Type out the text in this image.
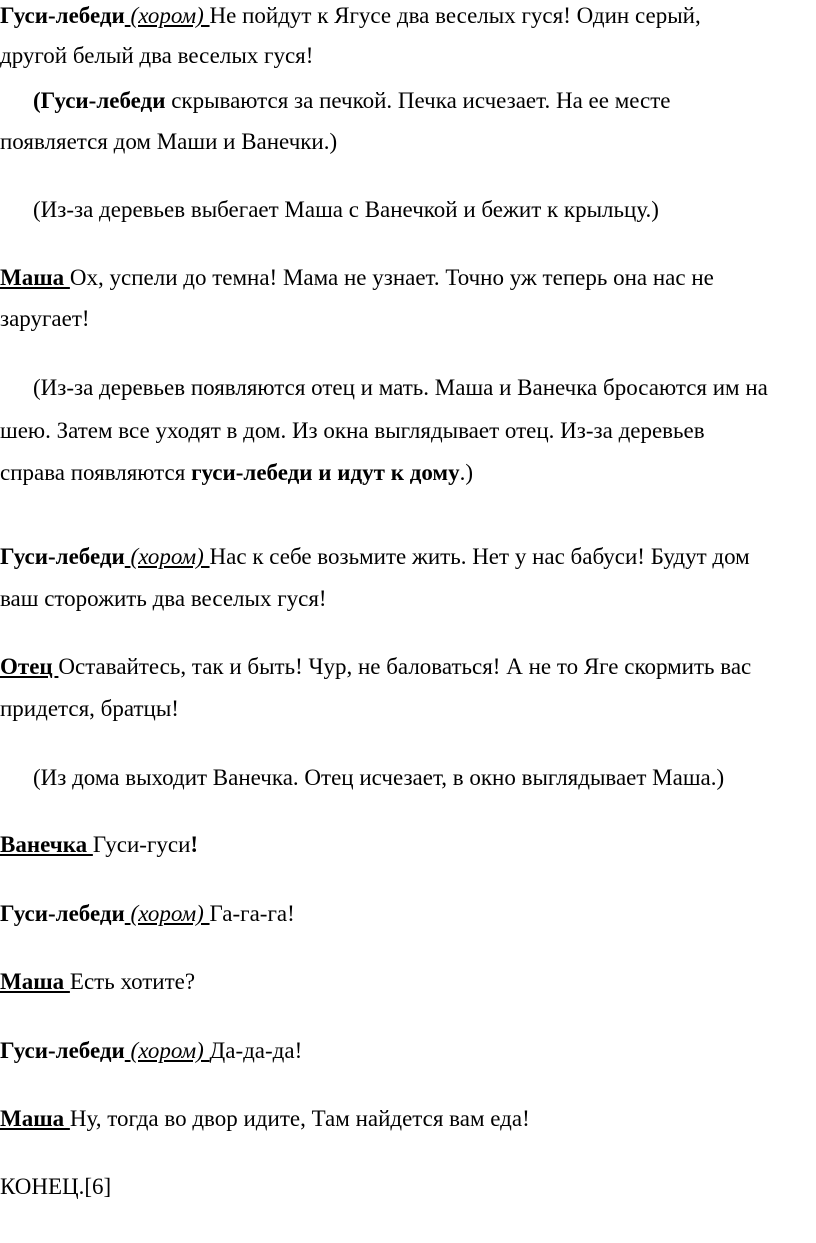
Гуси-лебеди (хором) Не пойдут к Ягусе два веселых гуся! Один серый,
другой белый два веселых гуся!
(Гуси-лебеди скрываются за печкой. Печка исчезает. На ее месте
появляется дом Маши и Ванечки.)
(Из-за деревьев выбегает Маша с Ванечкой и бежит к крыльцу.)
Маша Ох, успели до темна! Мама не узнает. Точно уж теперь она нас не
заругает!
(Из-за деревьев появляются отец и мать. Маша и Ванечка бросаются им на
шею. Затем все уходят в дом. Из окна выглядывает отец. Из-за деревьев
справа появляются гуси-лебеди и идут к дому.)
Гуси-лебеди (хором) Нас к себе возьмите жить. Нет у нас бабуси! Будут дом
ваш сторожить два веселых гуся!
Отец Оставайтесь, так и быть! Чур, не баловаться! А не то Яге скормить вас
придется, братцы!
(Из дома выходит Ванечка. Отец исчезает, в окно выглядывает Маша.)
Ванечка Гуси-гуси!
Гуси-лебеди (хором) Га-га-га!
Маша Есть хотите?
Гуси-лебеди (хором) Да-да-да!
Маша Ну, тогда во двор идите, Там найдется вам еда!
КОНЕЦ.[6]
